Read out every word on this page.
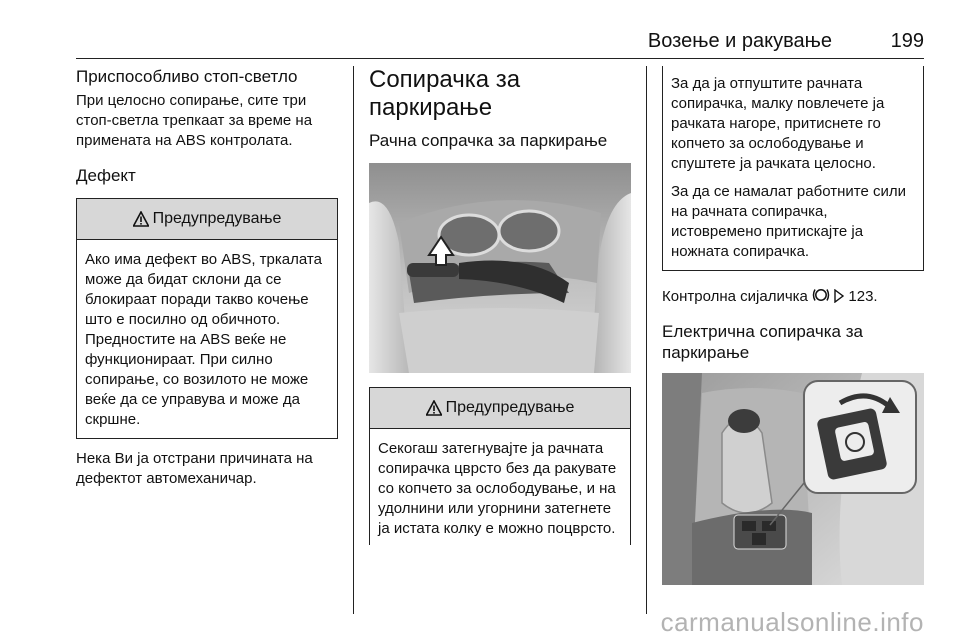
Возење и ракување	199
Приспособливо стоп-светло

При целосно сопирање, сите три стоп-светла трепкаат за време на примената на ABS контролата.

Дефект
Предупредување
Ако има дефект во ABS, тркалата може да бидат склони да се блокираат поради такво кочење што е посилно од обичното. Предностите на ABS веќе не функционираат. При силно сопирање, со возилото не може веќе да се управува и може да скршне.

Нека Ви ја отстрани причината на дефектот автомеханичар.

Сопирачка за паркирање
Рачна сопрачка за паркирање
Предупредување
Секогаш затегнувајте ја рачната сопирачка цврсто без да ракувате со копчето за ослободување, и на удолнини или угорнини затегнете ја истата колку е можно поцврсто.

За да ја отпуштите рачната сопирачка, малку повлечете ја рачката нагоре, притиснете го копчето за ослободување и спуштете ја рачката целосно.

За да се намалат работните сили на рачната сопирачка, истовремено притискајте ја ножната сопирачка.

Контролна сијаличка	123.

Електрична сопирачка за паркирање
carmanualsonline.info
